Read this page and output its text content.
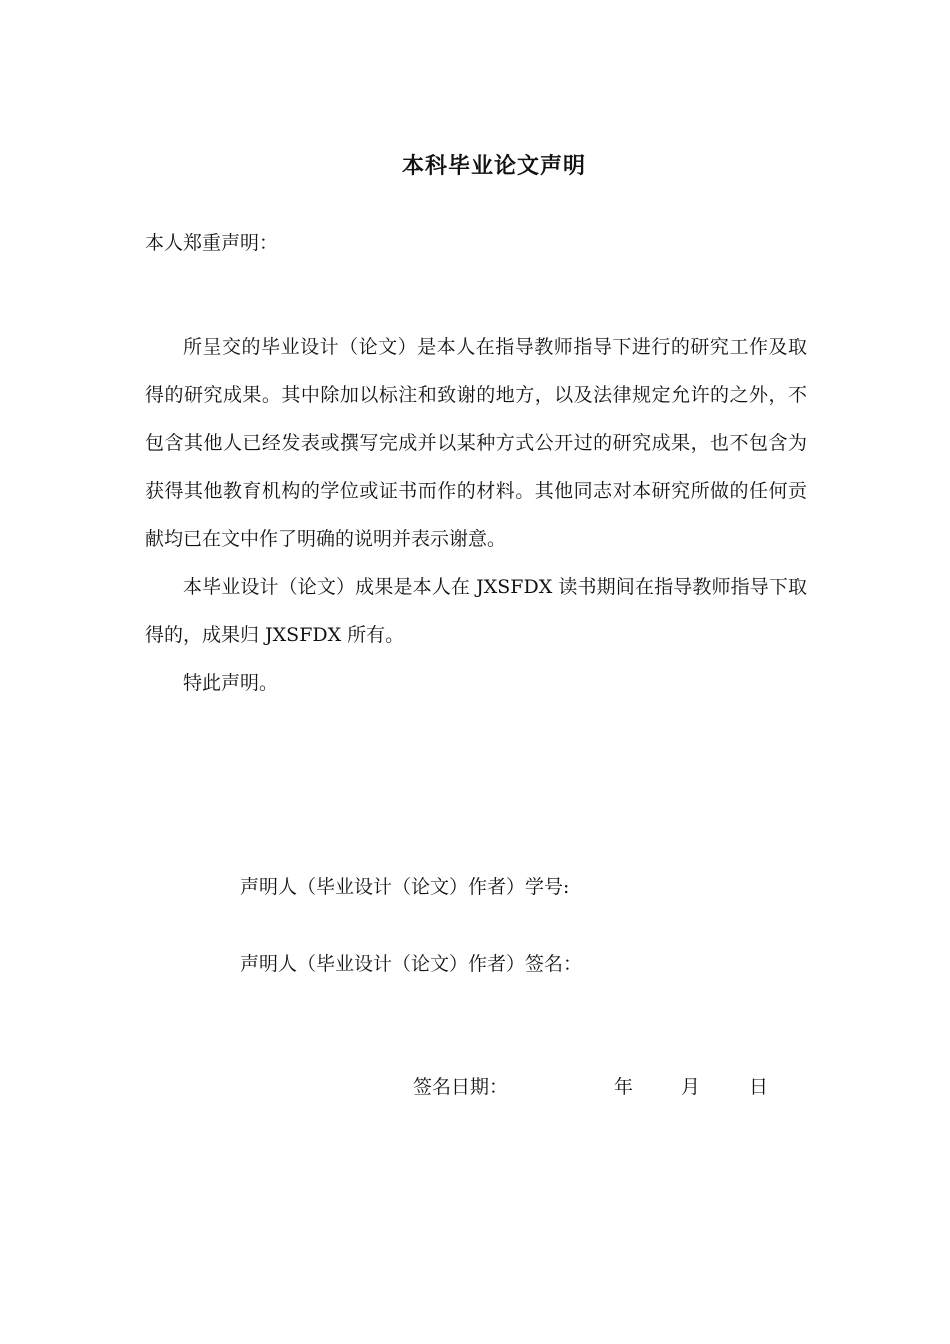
本科毕业论文声明
本人郑重声明：

所呈交的毕业设计（论文）是本人在指导教师指导下进行的研究工作及取得的研究成果。其中除加以标注和致谢的地方，以及法律规定允许的之外，不包含其他人已经发表或撰写完成并以某种方式公开过的研究成果，也不包含为获得其他教育机构的学位或证书而作的材料。其他同志对本研究所做的任何贡献均已在文中作了明确的说明并表示谢意。

本毕业设计（论文）成果是本人在 JXSFDX 读书期间在指导教师指导下取得的，成果归 JXSFDX 所有。

特此声明。

声明人（毕业设计（论文）作者）学号:
声明人（毕业设计（论文）作者）签名：
签名日期：	年	月	日
